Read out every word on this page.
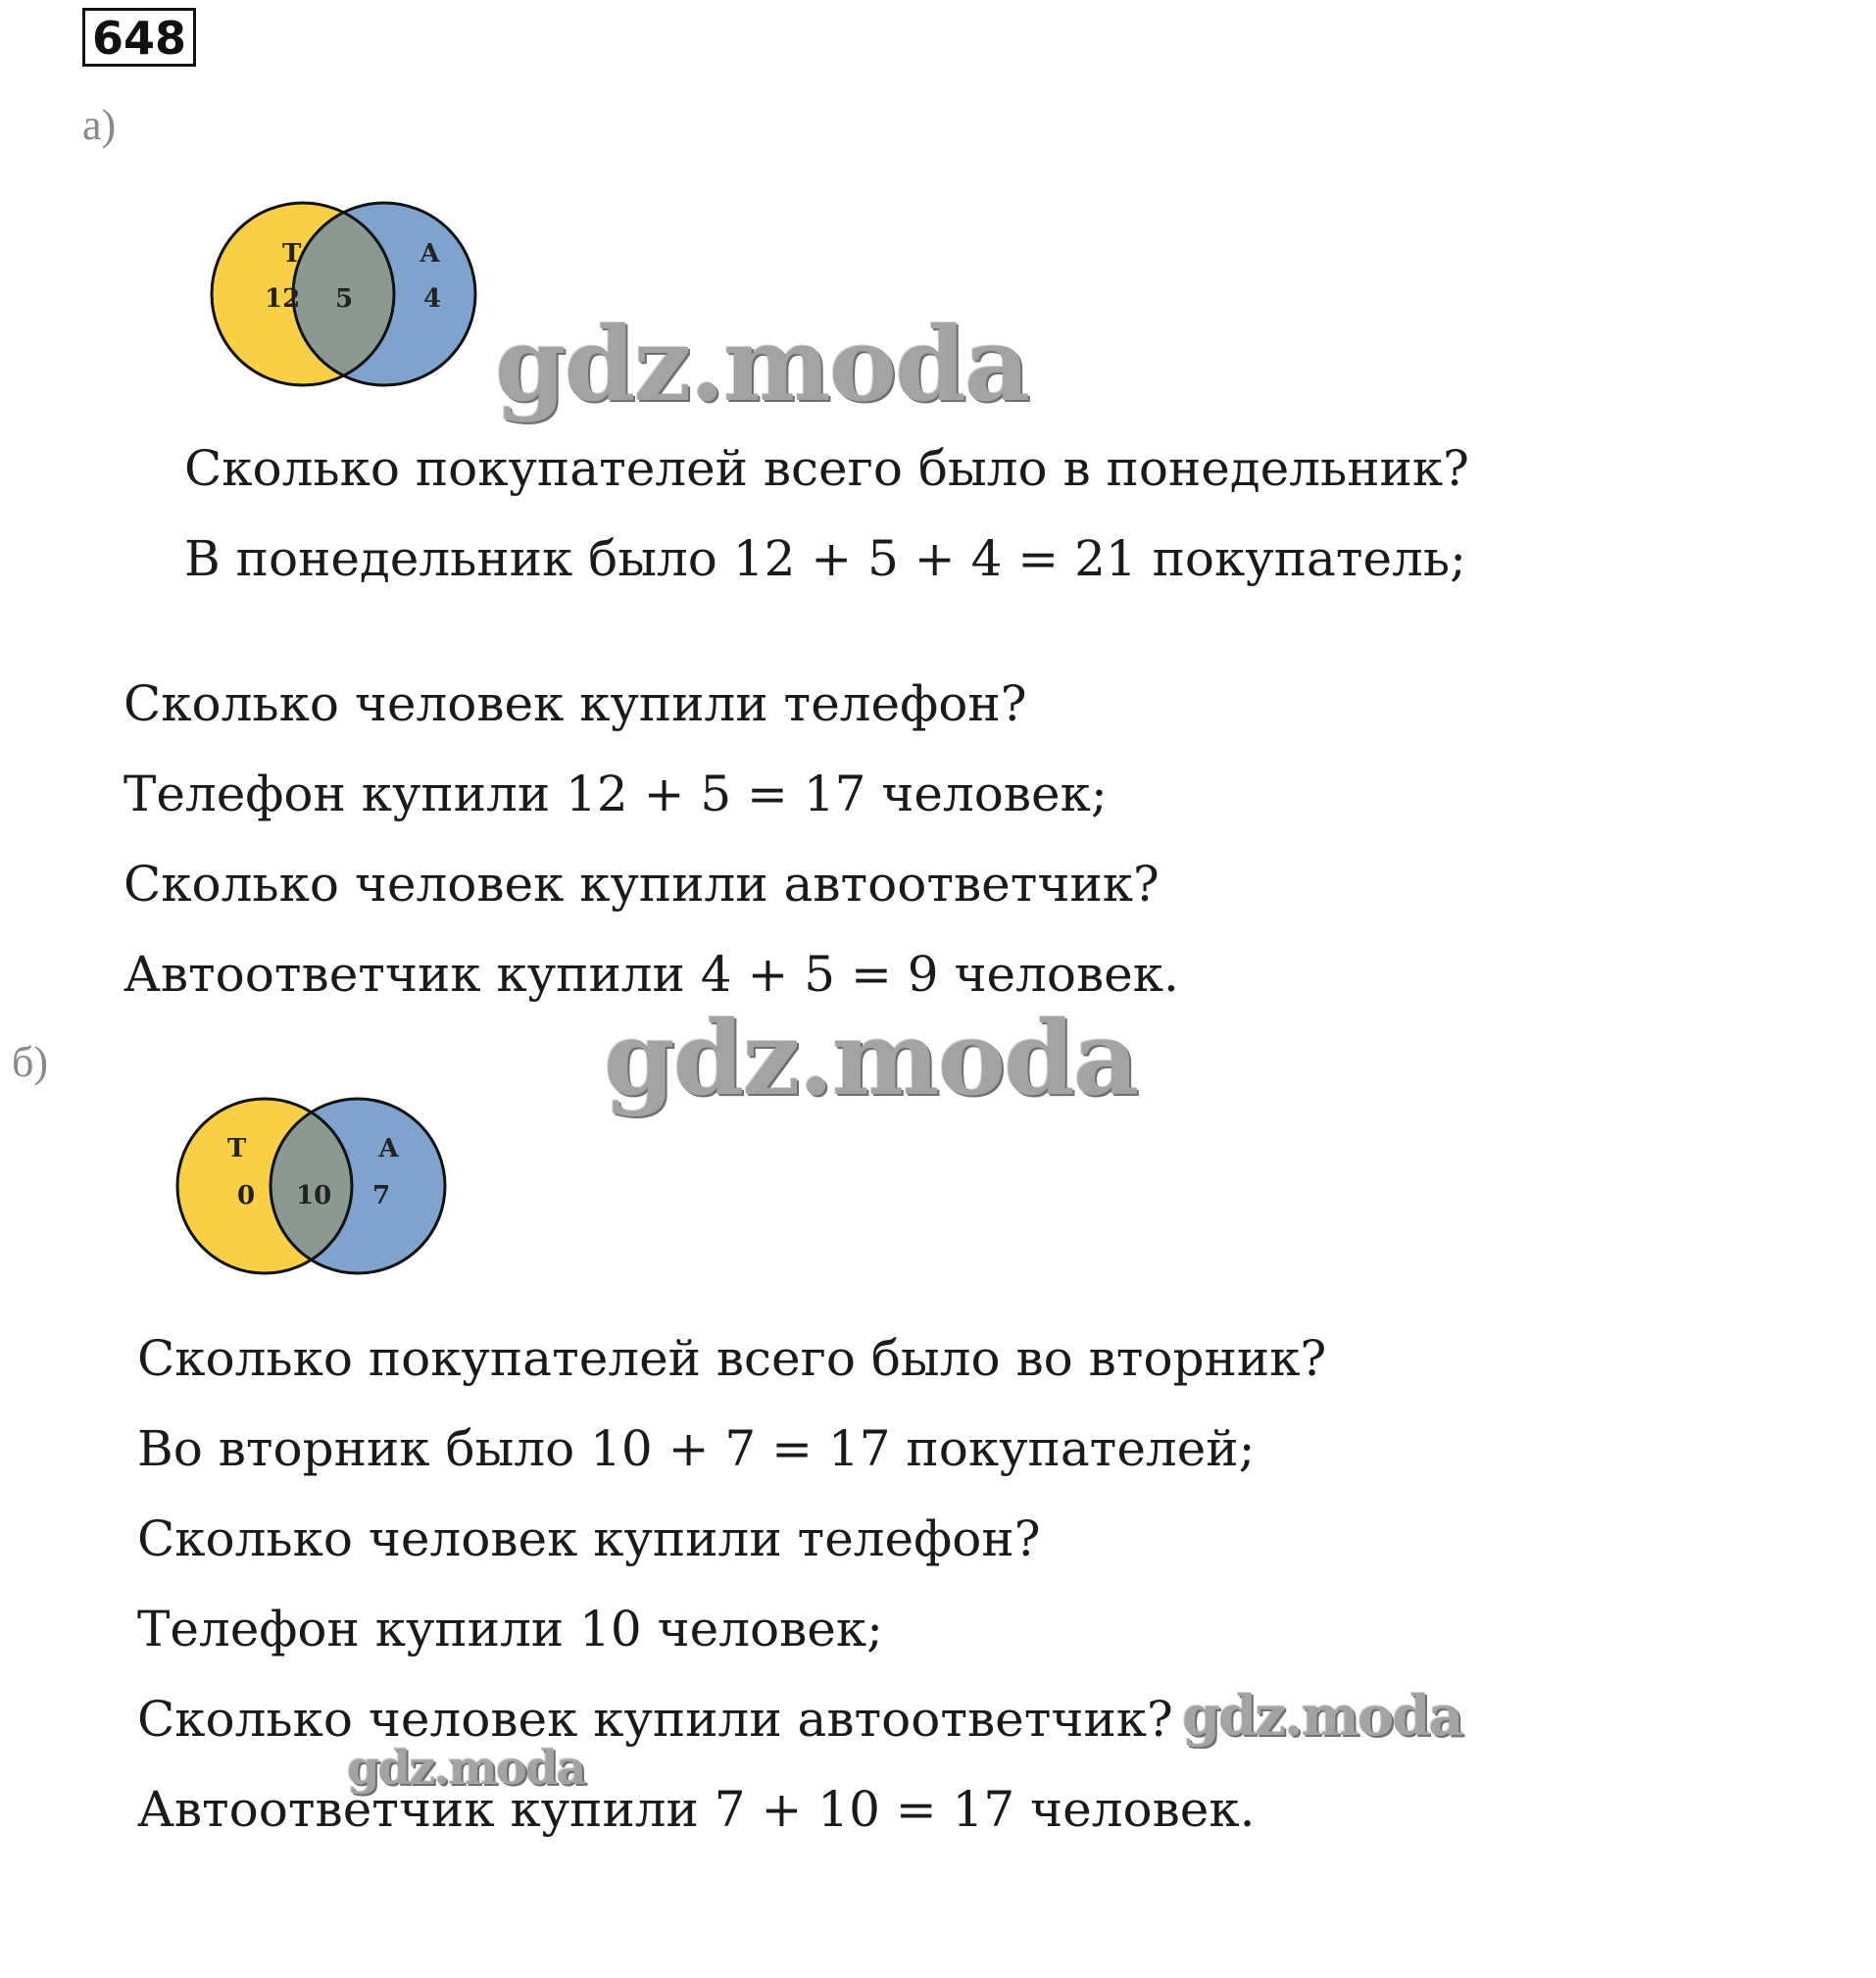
648
а)
Т	А
12 5	4
gdz.moda
Сколько покупателей всего было в понедельник?
В понедельник было 12 + 5 + 4 = 21 покупатель;
Сколько человек купили телефон?
Телефон купили 12 + 5 = 17 человек;
Сколько человек купили автоответчик?
Автоответчик купили 4 + 5 = 9 человек.
б)	gdz.moda
Т	А
0 10 7
Сколько покупателей всего было во вторник?
Во вторник было 10 + 7 = 17 покупателей;
Сколько человек купили телефон?
Телефон купили 10 человек;
Сколько человек купили автоответчик? gdz.moda
gdz.moda
Автоответчик купили 7 + 10 = 17 человек.
